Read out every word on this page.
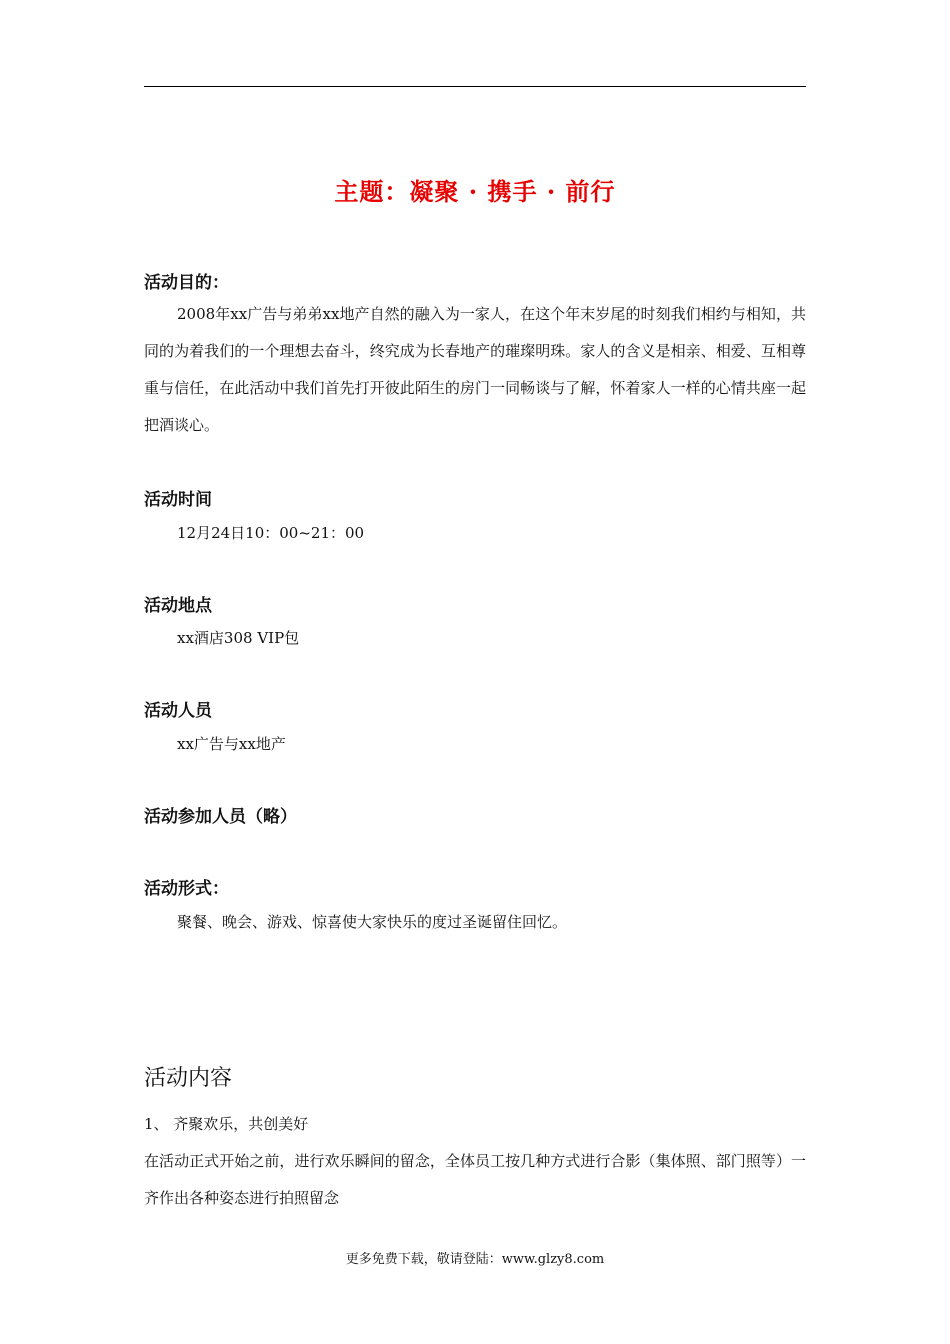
主题：凝聚 · 携手 · 前行
活动目的：
2008年xx广告与弟弟xx地产自然的融入为一家人，在这个年末岁尾的时刻我们相约与相知，共同的为着我们的一个理想去奋斗，终究成为长春地产的璀璨明珠。家人的含义是相亲、相爱、互相尊重与信任，在此活动中我们首先打开彼此陌生的房门一同畅谈与了解，怀着家人一样的心情共座一起把酒谈心。
活动时间
12月24日10：00~21：00
活动地点
xx酒店308 VIP包
活动人员
xx广告与xx地产
活动参加人员（略）
活动形式：
聚餐、晚会、游戏、惊喜使大家快乐的度过圣诞留住回忆。
活动内容
1、 齐聚欢乐，共创美好
在活动正式开始之前，进行欢乐瞬间的留念，全体员工按几种方式进行合影（集体照、部门照等）一齐作出各种姿态进行拍照留念
更多免费下载，敬请登陆：www.glzy8.com
